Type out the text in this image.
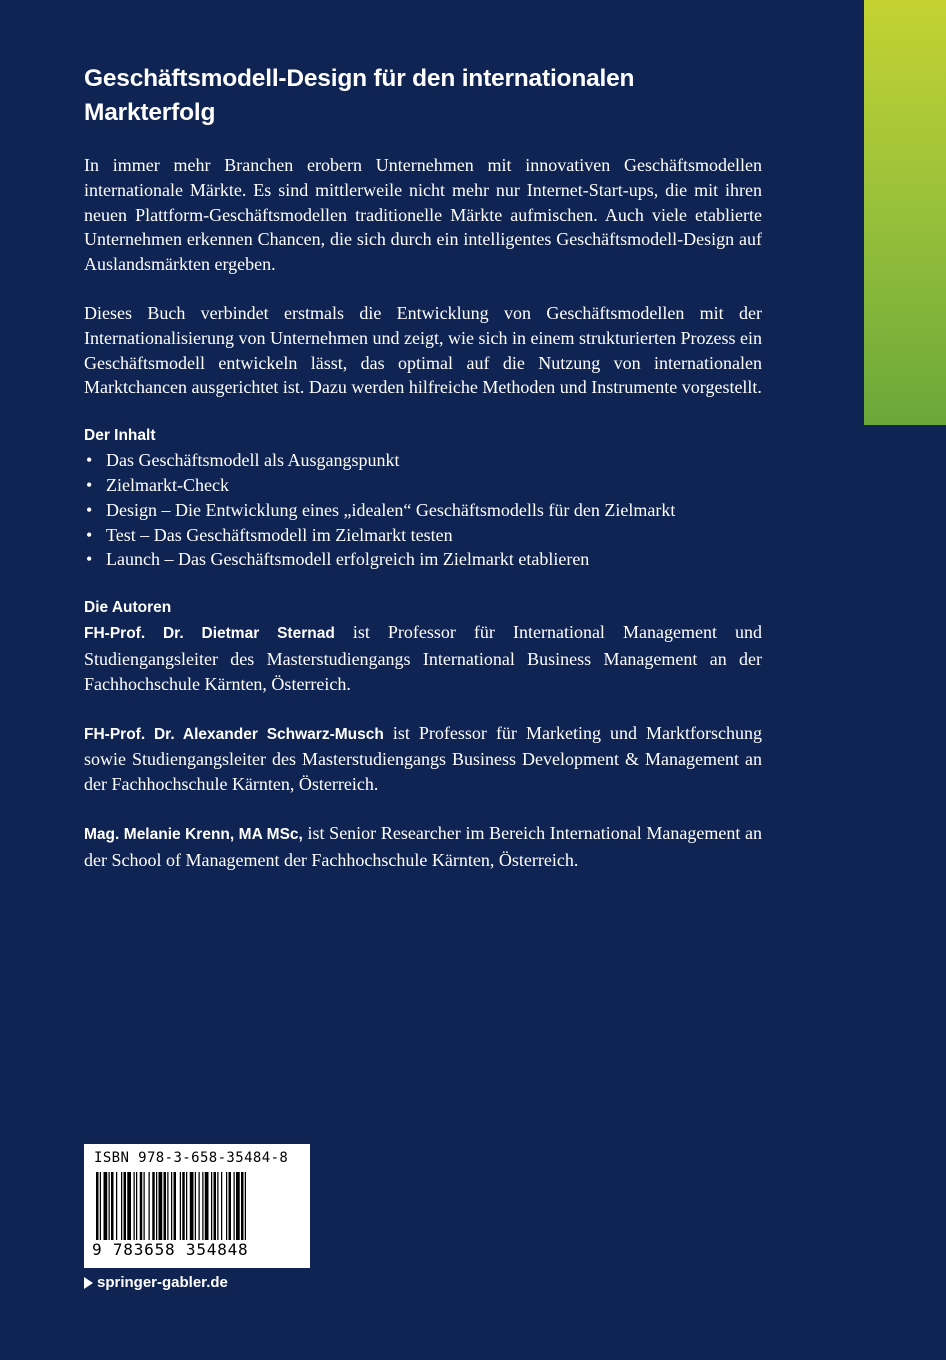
Geschäftsmodell-Design für den internationalen Markterfolg

In immer mehr Branchen erobern Unternehmen mit innovativen Geschäftsmodellen internationale Märkte. Es sind mittlerweile nicht mehr nur Internet-Start-ups, die mit ihren neuen Plattform-Geschäftsmodellen traditionelle Märkte aufmischen. Auch viele etablierte Unternehmen erkennen Chancen, die sich durch ein intelligentes Geschäftsmodell-Design auf Auslandsmärkten ergeben.

Dieses Buch verbindet erstmals die Entwicklung von Geschäftsmodellen mit der Internationalisierung von Unternehmen und zeigt, wie sich in einem strukturierten Prozess ein Geschäftsmodell entwickeln lässt, das optimal auf die Nutzung von internationalen Marktchancen ausgerichtet ist. Dazu werden hilfreiche Methoden und Instrumente vorgestellt.

Der Inhalt
• Das Geschäftsmodell als Ausgangspunkt
• Zielmarkt-Check
• Design – Die Entwicklung eines „idealen“ Geschäftsmodells für den Zielmarkt
• Test – Das Geschäftsmodell im Zielmarkt testen
• Launch – Das Geschäftsmodell erfolgreich im Zielmarkt etablieren
Die Autoren

FH-Prof. Dr. Dietmar Sternad ist Professor für International Management und Studiengangsleiter des Masterstudiengangs International Business Management an der Fachhochschule Kärnten, Österreich.

FH-Prof. Dr. Alexander Schwarz-Musch ist Professor für Marketing und Marktforschung sowie Studiengangsleiter des Masterstudiengangs Business Development & Management an der Fachhochschule Kärnten, Österreich.

Mag. Melanie Krenn, MA MSc, ist Senior Researcher im Bereich International Management an der School of Management der Fachhochschule Kärnten, Österreich.

ISBN 978-3-658-35484-8
9 783658 354848
springer-gabler.de
